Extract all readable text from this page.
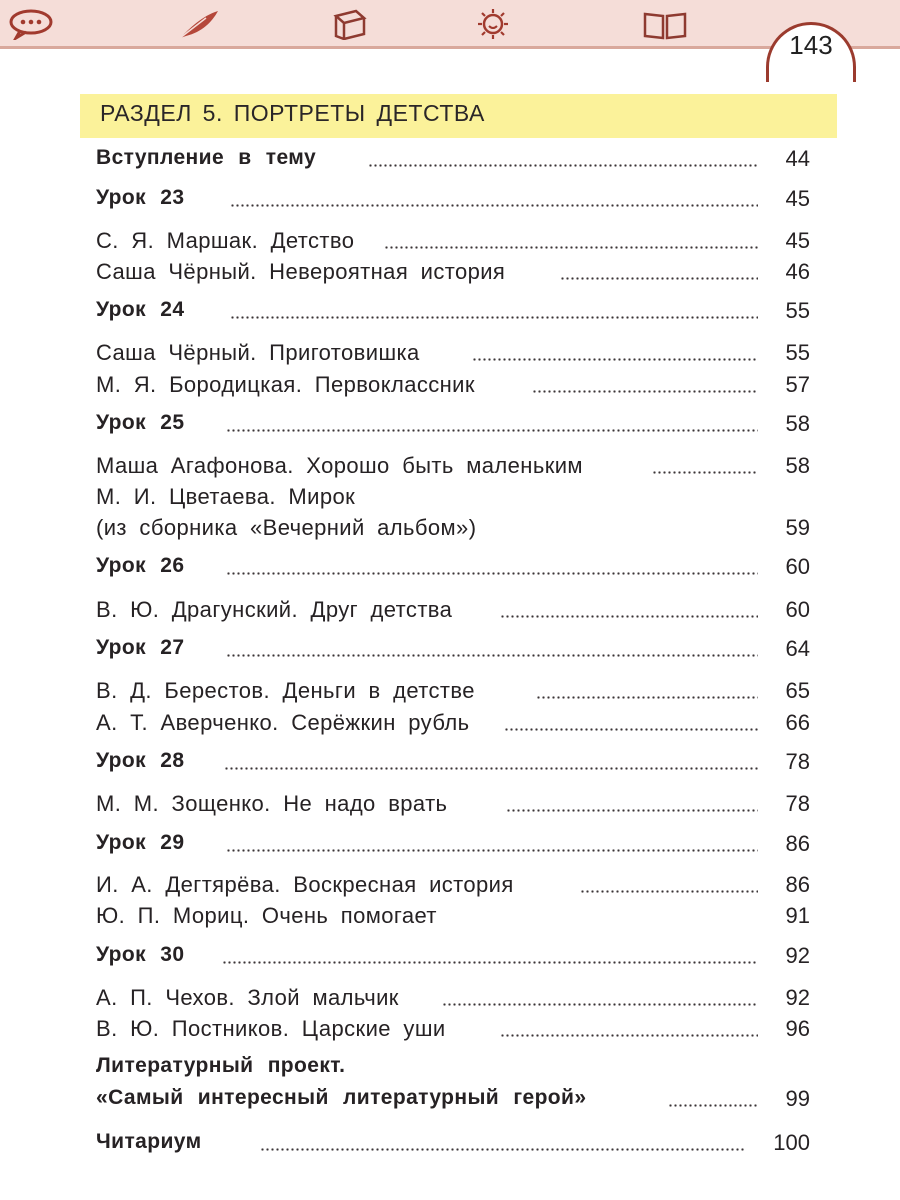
143
РАЗДЕЛ 5. ПОРТРЕТЫ ДЕТСТВА
Вступление в тему	44
Урок 23	45
С. Я. Маршак. Детство	45
Саша Чёрный. Невероятная история	46
Урок 24	55
Саша Чёрный. Приготовишка	55
М. Я. Бородицкая. Первоклассник	57
Урок 25	58
Маша Агафонова. Хорошо быть маленьким	58
М. И. Цветаева. Мирок
(из сборника «Вечерний альбом»)	59
Урок 26	60
В. Ю. Драгунский. Друг детства	60
Урок 27	64
В. Д. Берестов. Деньги в детстве	65
А. Т. Аверченко. Серёжкин рубль	66
Урок 28	78
М. М. Зощенко. Не надо врать	78
Урок 29	86
И. А. Дегтярёва. Воскресная история	86
Ю. П. Мориц. Очень помогает	91
Урок 30	92
А. П. Чехов. Злой мальчик	92
В. Ю. Постников. Царские уши	96
Литературный проект.
«Самый интересный литературный герой»	99
Читариум	100
